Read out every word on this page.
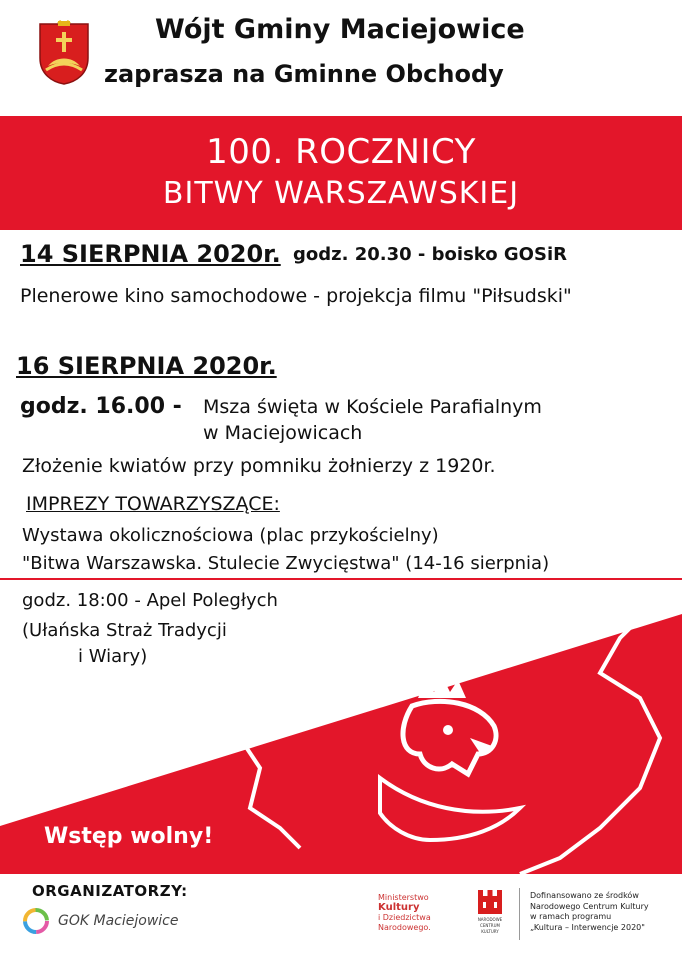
Wójt Gminy Maciejowice
zaprasza na Gminne Obchody
100. ROCZNICY
BITWY WARSZAWSKIEJ
14 SIERPNIA 2020r. godz. 20.30 - boisko GOSiR
Plenerowe kino samochodowe - projekcja filmu "Piłsudski"
16 SIERPNIA 2020r.
godz. 16.00 - Msza święta w Kościele Parafialnym
w Maciejowicach
Złożenie kwiatów przy pomniku żołnierzy z 1920r.
IMPREZY TOWARZYSZĄCE:
Wystawa okolicznościowa (plac przykościelny)
"Bitwa Warszawska. Stulecie Zwycięstwa" (14-16 sierpnia)
godz. 18:00 - Apel Poległych
(Ułańska Straż Tradycji
i Wiary)
Wstęp wolny!
ORGANIZATORZY:
GOK Maciejowice
Ministerstwo
Kultury
i Dziedzictwa
Narodowego.
NARODOWE
CENTRUM
KULTURY
Dofinansowano ze środków
Narodowego Centrum Kultury
w ramach programu
„Kultura – Interwencje 2020"
